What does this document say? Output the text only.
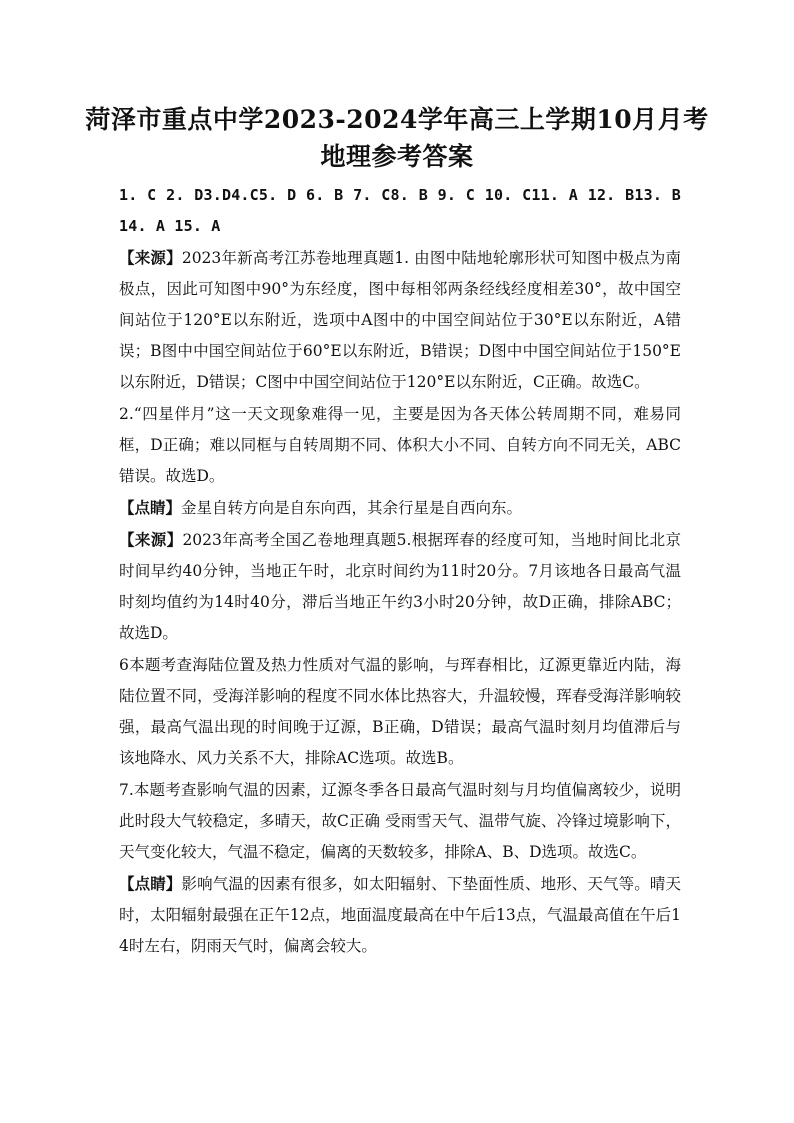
菏泽市重点中学2023-2024学年高三上学期10月月考
地理参考答案

1. C 2. D3.D4.C5. D 6. B 7. C8. B 9. C 10. C11. A 12. B13. B 14. A 15. A

【来源】2023年新高考江苏卷地理真题1. 由图中陆地轮廓形状可知图中极点为南极点，因此可知图中90°为东经度，图中每相邻两条经线经度相差30°，故中国空间站位于120°E以东附近，选项中A图中的中国空间站位于30°E以东附近，A错误；B图中中国空间站位于60°E以东附近，B错误；D图中中国空间站位于150°E以东附近，D错误；C图中中国空间站位于120°E以东附近，C正确。故选C。

2.“四星伴月”这一天文现象难得一见，主要是因为各天体公转周期不同，难易同框，D正确；难以同框与自转周期不同、体积大小不同、自转方向不同无关，ABC错误。故选D。

【点睛】金星自转方向是自东向西，其余行星是自西向东。

【来源】2023年高考全国乙卷地理真题5.根据珲春的经度可知，当地时间比北京时间早约40分钟，当地正午时，北京时间约为11时20分。7月该地各日最高气温时刻均值约为14时40分，滞后当地正午约3小时20分钟，故D正确，排除ABC；故选D。

6本题考查海陆位置及热力性质对气温的影响，与珲春相比，辽源更靠近内陆，海陆位置不同，受海洋影响的程度不同水体比热容大，升温较慢，珲春受海洋影响较强，最高气温出现的时间晚于辽源，B正确，D错误；最高气温时刻月均值滞后与该地降水、风力关系不大，排除AC选项。故选B。

7.本题考查影响气温的因素，辽源冬季各日最高气温时刻与月均值偏离较少，说明此时段大气较稳定，多晴天，故C正确 受雨雪天气、温带气旋、冷锋过境影响下，天气变化较大，气温不稳定，偏离的天数较多，排除A、B、D选项。故选C。

【点睛】影响气温的因素有很多，如太阳辐射、下垫面性质、地形、天气等。晴天时，太阳辐射最强在正午12点，地面温度最高在中午后13点，气温最高值在午后14时左右，阴雨天气时，偏离会较大。
